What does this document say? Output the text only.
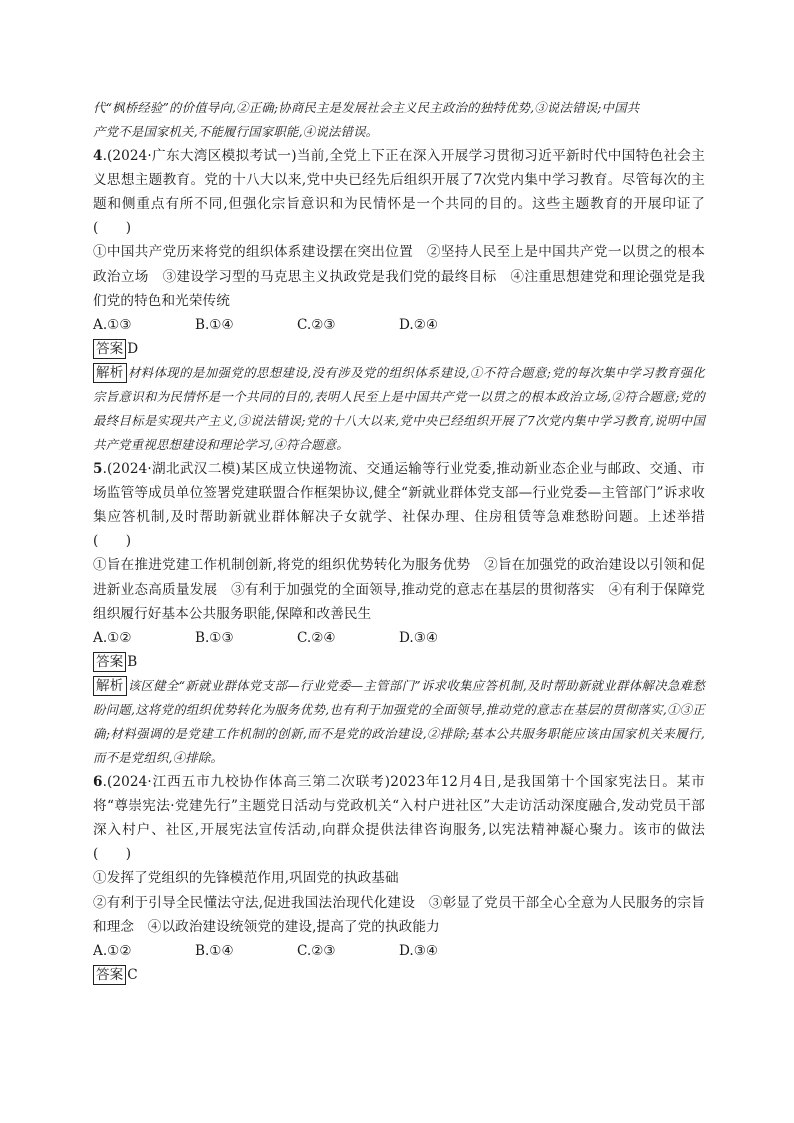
代“枫桥经验”的价值导向,②正确;协商民主是发展社会主义民主政治的独特优势,③说法错误;中国共
产党不是国家机关,不能履行国家职能,④说法错误。

4.(2024·广东大湾区模拟考试一)当前,全党上下正在深入开展学习贯彻习近平新时代中国特色社会主义思想主题教育。党的十八大以来,党中央已经先后组织开展了7次党内集中学习教育。尽管每次的主题和侧重点有所不同,但强化宗旨意识和为民情怀是一个共同的目的。这些主题教育的开展印证了(　　)

①中国共产党历来将党的组织体系建设摆在突出位置　②坚持人民至上是中国共产党一以贯之的根本政治立场　③建设学习型的马克思主义执政党是我们党的最终目标　④注重思想建党和理论强党是我们党的特色和光荣传统

A.①③	B.①④	C.②③	D.②④

答案 D

解析 材料体现的是加强党的思想建设,没有涉及党的组织体系建设,①不符合题意;党的每次集中学习教育强化宗旨意识和为民情怀是一个共同的目的,表明人民至上是中国共产党一以贯之的根本政治立场,②符合题意;党的最终目标是实现共产主义,③说法错误;党的十八大以来,党中央已经组织开展了7次党内集中学习教育,说明中国共产党重视思想建设和理论学习,④符合题意。

5.(2024·湖北武汉二模)某区成立快递物流、交通运输等行业党委,推动新业态企业与邮政、交通、市场监管等成员单位签署党建联盟合作框架协议,健全“新就业群体党支部—行业党委—主管部门”诉求收集应答机制,及时帮助新就业群体解决子女就学、社保办理、住房租赁等急难愁盼问题。上述举措(　　)

①旨在推进党建工作机制创新,将党的组织优势转化为服务优势　②旨在加强党的政治建设以引领和促进新业态高质量发展　③有利于加强党的全面领导,推动党的意志在基层的贯彻落实　④有利于保障党组织履行好基本公共服务职能,保障和改善民生

A.①②	B.①③	C.②④	D.③④

答案 B

解析 该区健全“新就业群体党支部—行业党委—主管部门”诉求收集应答机制,及时帮助新就业群体解决急难愁盼问题,这将党的组织优势转化为服务优势,也有利于加强党的全面领导,推动党的意志在基层的贯彻落实,①③正确;材料强调的是党建工作机制的创新,而不是党的政治建设,②排除;基本公共服务职能应该由国家机关来履行,而不是党组织,④排除。

6.(2024·江西五市九校协作体高三第二次联考)2023年12月4日,是我国第十个国家宪法日。某市将“尊崇宪法·党建先行”主题党日活动与党政机关“入村户进社区”大走访活动深度融合,发动党员干部深入村户、社区,开展宪法宣传活动,向群众提供法律咨询服务,以宪法精神凝心聚力。该市的做法(　　)

①发挥了党组织的先锋模范作用,巩固党的执政基础

②有利于引导全民懂法守法,促进我国法治现代化建设　③彰显了党员干部全心全意为人民服务的宗旨和理念　④以政治建设统领党的建设,提高了党的执政能力

A.①②	B.①④	C.②③	D.③④

答案 C
